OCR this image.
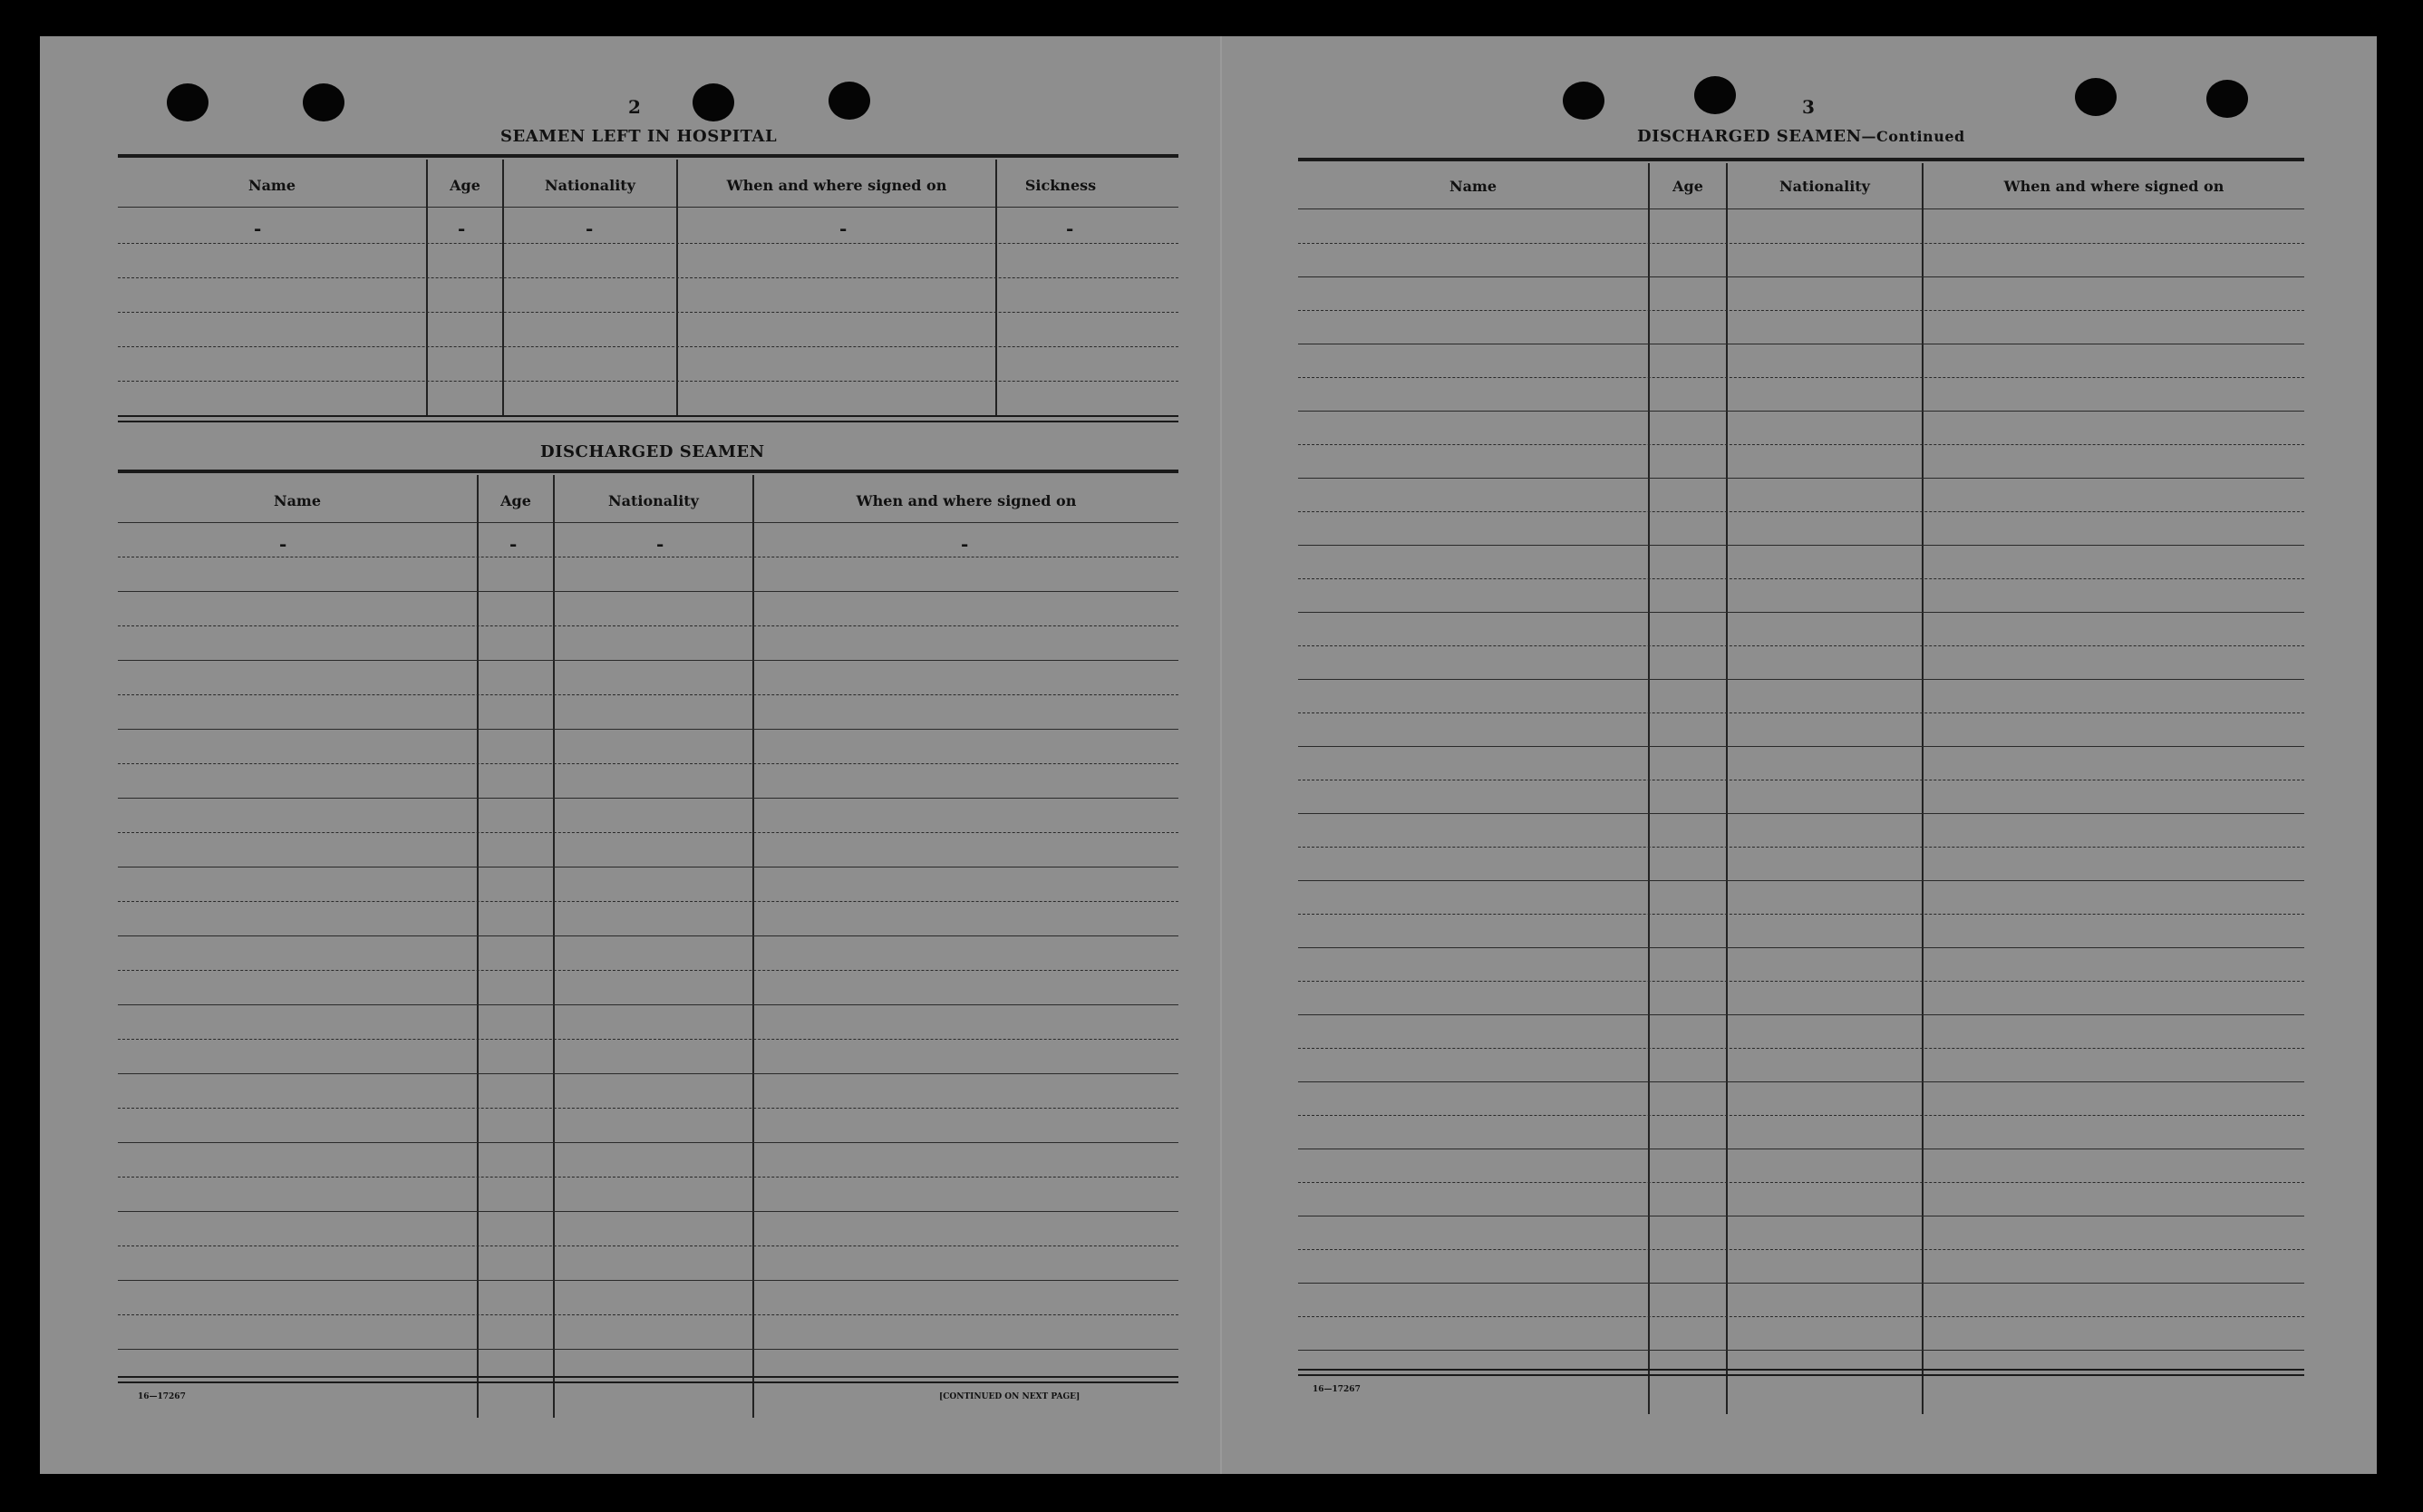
2
SEAMEN LEFT IN HOSPITAL
Name	Age	Nationality	When and where signed on	Sickness
-	-	-	-	-
DISCHARGED SEAMEN
Name	Age	Nationality	When and where signed on
-	-	-	-
16—17267	[CONTINUED ON NEXT PAGE]
3
DISCHARGED SEAMEN—Continued
Name	Age	Nationality	When and where signed on
16—17267
